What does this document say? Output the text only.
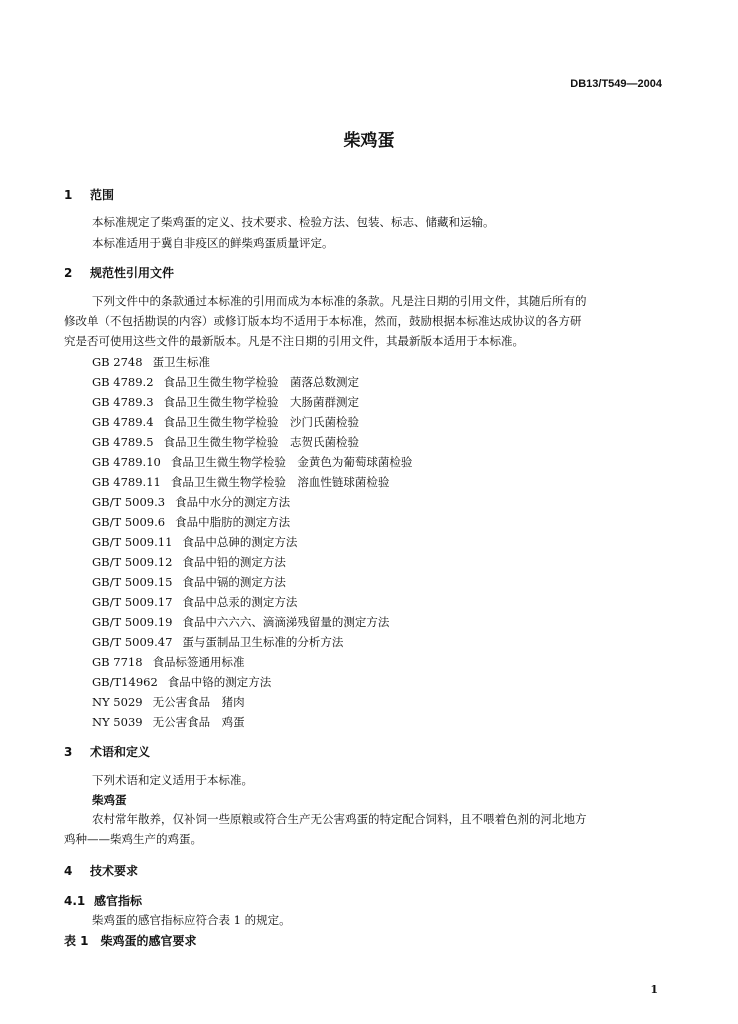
DB13/T549—2004
柴鸡蛋
1 范围
本标准规定了柴鸡蛋的定义、技术要求、检验方法、包装、标志、储藏和运输。
本标准适用于冀自非疫区的鲜柴鸡蛋质量评定。
2 规范性引用文件
下列文件中的条款通过本标准的引用而成为本标准的条款。凡是注日期的引用文件，其随后所有的
修改单（不包括勘误的内容）或修订版本均不适用于本标准，然而，鼓励根据本标准达成协议的各方研
究是否可使用这些文件的最新版本。凡是不注日期的引用文件，其最新版本适用于本标准。
GB 2748 蛋卫生标准
GB 4789.2 食品卫生微生物学检验　菌落总数测定
GB 4789.3 食品卫生微生物学检验　大肠菌群测定
GB 4789.4 食品卫生微生物学检验　沙门氏菌检验
GB 4789.5 食品卫生微生物学检验　志贺氏菌检验
GB 4789.10 食品卫生微生物学检验　金黄色为葡萄球菌检验
GB 4789.11 食品卫生微生物学检验　溶血性链球菌检验
GB/T 5009.3 食品中水分的测定方法
GB/T 5009.6 食品中脂肪的测定方法
GB/T 5009.11 食品中总砷的测定方法
GB/T 5009.12 食品中铅的测定方法
GB/T 5009.15 食品中镉的测定方法
GB/T 5009.17 食品中总汞的测定方法
GB/T 5009.19 食品中六六六、滴滴涕残留量的测定方法
GB/T 5009.47 蛋与蛋制品卫生标准的分析方法
GB 7718 食品标签通用标准
GB/T14962 食品中铬的测定方法
NY 5029 无公害食品　猪肉
NY 5039 无公害食品　鸡蛋
3 术语和定义
下列术语和定义适用于本标准。
柴鸡蛋
农村常年散养，仅补饲一些原粮或符合生产无公害鸡蛋的特定配合饲料，且不喂着色剂的河北地方
鸡种——柴鸡生产的鸡蛋。
4 技术要求
4.1 感官指标
柴鸡蛋的感官指标应符合表 1 的规定。
表 1　柴鸡蛋的感官要求
1
